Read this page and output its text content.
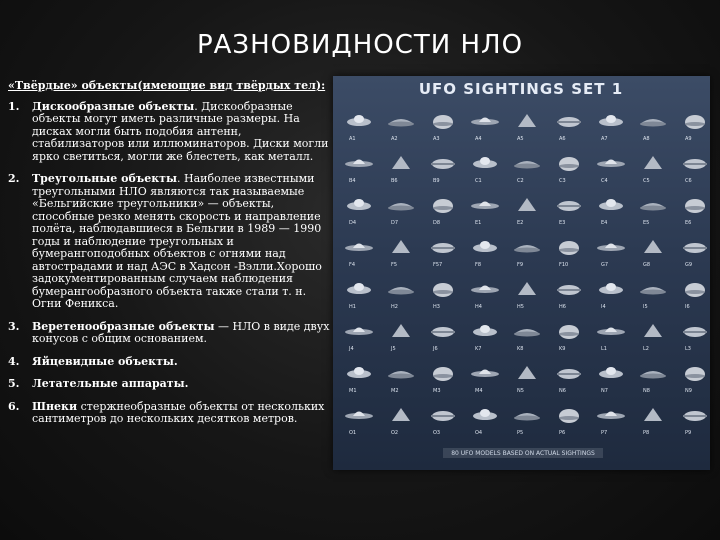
РАЗНОВИДНОСТИ НЛО
«Твёрдые» объекты(имеющие вид твёрдых тел):
1.	Дискообразные объекты. Дискообразные объекты могут иметь различные размеры. На дисках могли быть подобия антенн, стабилизаторов или иллюминаторов. Диски могли ярко светиться, могли же блестеть, как металл.
2.	Треугольные объекты. Наиболее известными треугольными НЛО являются так называемые «Бельгийские треугольники» — объекты, способные резко менять скорость и направление полёта, наблюдавшиеся в Бельгии в 1989 — 1990 годы и наблюдение треугольных и бумерангоподобных объектов с огнями над автострадами и над АЭС в Хадсон -Вэлли.Хорошо задокументированным случаем наблюдения бумерангообразного объекта также стали т. н. Огни Феникса.
3.	Веретенообразные объекты — НЛО в виде двух конусов с общим основанием.
4.	Яйцевидные объекты.
5.	Летательные аппараты.
6.	Шнеки стержнеобразные объекты от нескольких сантиметров до нескольких десятков метров.
UFO SIGHTINGS SET 1
A1	A2	A3	A4	A5	A6	A7	A8	A9
B4	B6	B9	C1	C2	C3	C4	C5	C6
D4	D7	D8	E1	E2	E3	E4	E5	E6
F4	F5	F57	F8	F9	F10	G7	G8	G9
H1	H2	H3	H4	H5	H6	I4	I5	I6
J4	J5	J6	K7	K8	K9	L1	L2	L3
M1	M2	M3	M4	N5	N6	N7	N8	N9
O1	O2	O3	O4	P5	P6	P7	P8	P9
80 UFO MODELS BASED ON ACTUAL SIGHTINGS
